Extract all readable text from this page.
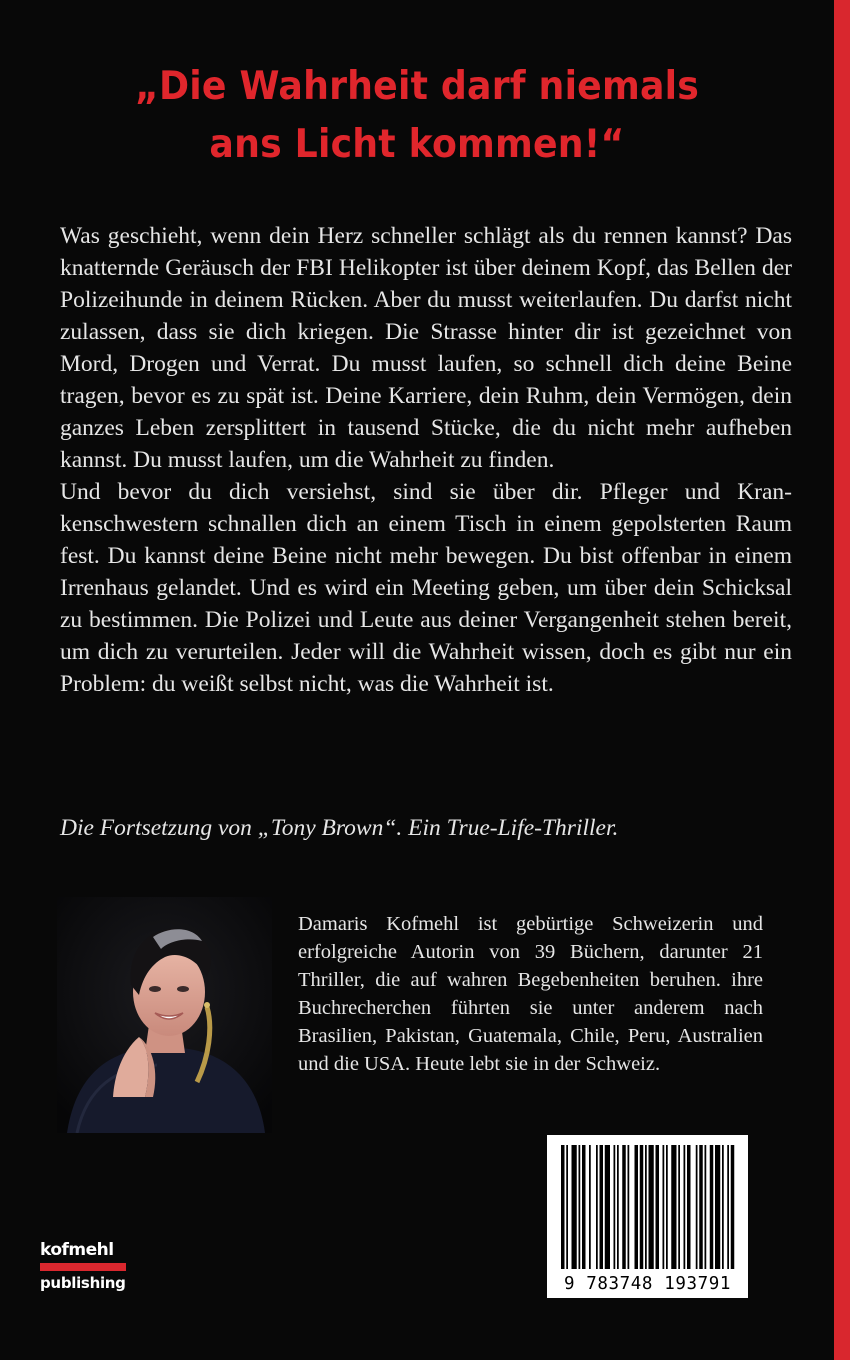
„Die Wahrheit darf niemals
ans Licht kommen!“

Was geschieht, wenn dein Herz schneller schlägt als du rennen kannst? Das knatternde Geräusch der FBI Helikopter ist über deinem Kopf, das Bellen der Polizeihunde in deinem Rücken. Aber du musst weiterlaufen. Du darfst nicht zulassen, dass sie dich kriegen. Die Strasse hinter dir ist gezeichnet von Mord, Drogen und Verrat. Du musst laufen, so schnell dich deine Beine tragen, bevor es zu spät ist. Deine Karriere, dein Ruhm, dein Vermögen, dein ganzes Leben zersplittert in tausend Stücke, die du nicht mehr aufheben kannst. Du musst laufen, um die Wahrheit zu finden.

Und bevor du dich versiehst, sind sie über dir. Pfleger und Krankenschwestern schnallen dich an einem Tisch in einem gepolsterten Raum fest. Du kannst deine Beine nicht mehr bewegen. Du bist offenbar in einem Irrenhaus gelandet. Und es wird ein Meeting geben, um über dein Schicksal zu bestimmen. Die Polizei und Leute aus deiner Vergangenheit stehen bereit, um dich zu verurteilen. Jeder will die Wahrheit wissen, doch es gibt nur ein Problem: du weißt selbst nicht, was die Wahrheit ist.

Die Fortsetzung von „Tony Brown“. Ein True-Life-Thriller.
Damaris Kofmehl ist gebürtige Schweizerin und erfolgreiche Autorin von 39 Büchern, darunter 21 Thriller, die auf wahren Begebenheiten beruhen. ihre Buchrecherchen führten sie unter anderem nach Brasilien, Pakistan, Guatemala, Chile, Peru, Australien und die USA. Heute lebt sie in der Schweiz.
9 783748 193791
kofmehl
publishing
